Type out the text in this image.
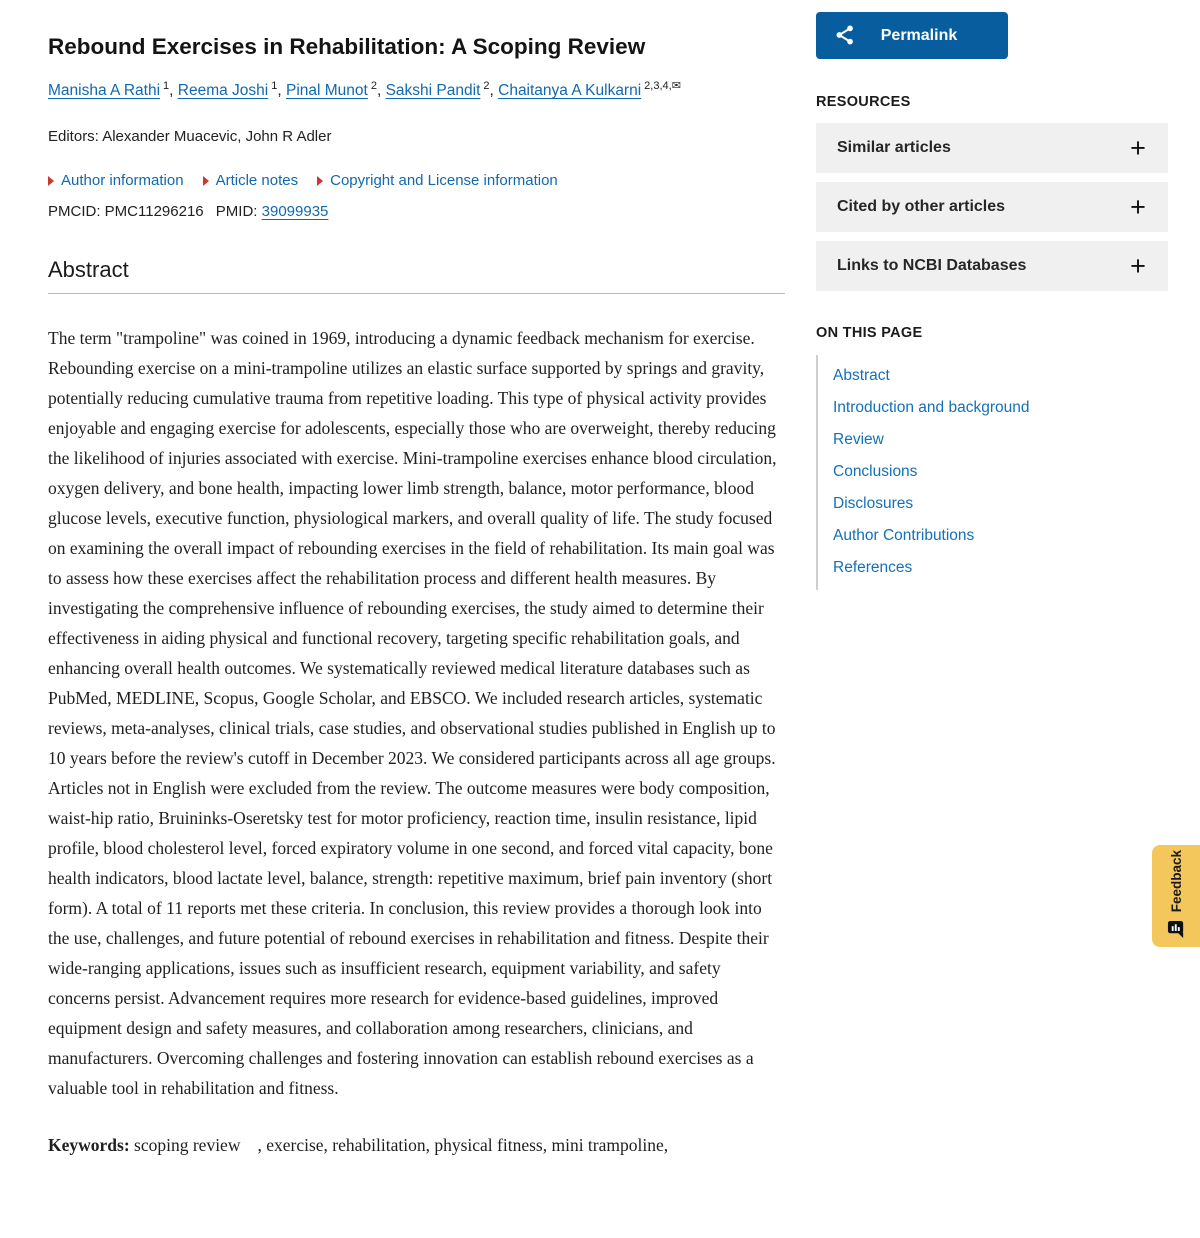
Rebound Exercises in Rehabilitation: A Scoping Review
Manisha A Rathi $^1$ , Reema Joshi $^1$ , Pinal Munot $^2$ , Sakshi Pandit $^2$ , Chaitanya A Kulkarni $^{2,3,4,✉}$
Editors: Alexander Muacevic, John R Adler
Author information Article notes Copyright and License information
PMCID: PMC11296216 PMID: 39099935
Abstract

The term "trampoline" was coined in 1969, introducing a dynamic feedback mechanism for exercise. Rebounding exercise on a mini-trampoline utilizes an elastic surface supported by springs and gravity, potentially reducing cumulative trauma from repetitive loading. This type of physical activity provides enjoyable and engaging exercise for adolescents, especially those who are overweight, thereby reducing the likelihood of injuries associated with exercise. Mini-trampoline exercises enhance blood circulation, oxygen delivery, and bone health, impacting lower limb strength, balance, motor performance, blood glucose levels, executive function, physiological markers, and overall quality of life. The study focused on examining the overall impact of rebounding exercises in the field of rehabilitation. Its main goal was to assess how these exercises affect the rehabilitation process and different health measures. By investigating the comprehensive influence of rebounding exercises, the study aimed to determine their effectiveness in aiding physical and functional recovery, targeting specific rehabilitation goals, and enhancing overall health outcomes. We systematically reviewed medical literature databases such as PubMed, MEDLINE, Scopus, Google Scholar, and EBSCO. We included research articles, systematic reviews, meta-analyses, clinical trials, case studies, and observational studies published in English up to 10 years before the review's cutoff in December 2023. We considered participants across all age groups. Articles not in English were excluded from the review. The outcome measures were body composition, waist-hip ratio, Bruininks-Oseretsky test for motor proficiency, reaction time, insulin resistance, lipid profile, blood cholesterol level, forced expiratory volume in one second, and forced vital capacity, bone health indicators, blood lactate level, balance, strength: repetitive maximum, brief pain inventory (short form). A total of 11 reports met these criteria. In conclusion, this review provides a thorough look into the use, challenges, and future potential of rebound exercises in rehabilitation and fitness. Despite their wide-ranging applications, issues such as insufficient research, equipment variability, and safety concerns persist. Advancement requires more research for evidence-based guidelines, improved equipment design and safety measures, and collaboration among researchers, clinicians, and manufacturers. Overcoming challenges and fostering innovation can establish rebound exercises as a valuable tool in rehabilitation and fitness.

Keywords: scoping review , exercise, rehabilitation, physical fitness, mini trampoline,

Permalink
RESOURCES
Similar articles
+
Cited by other articles
+
Links to NCBI Databases
+
ON THIS PAGE
Abstract
Introduction and background
Review
Conclusions
Disclosures
Author Contributions
References
Feedback
